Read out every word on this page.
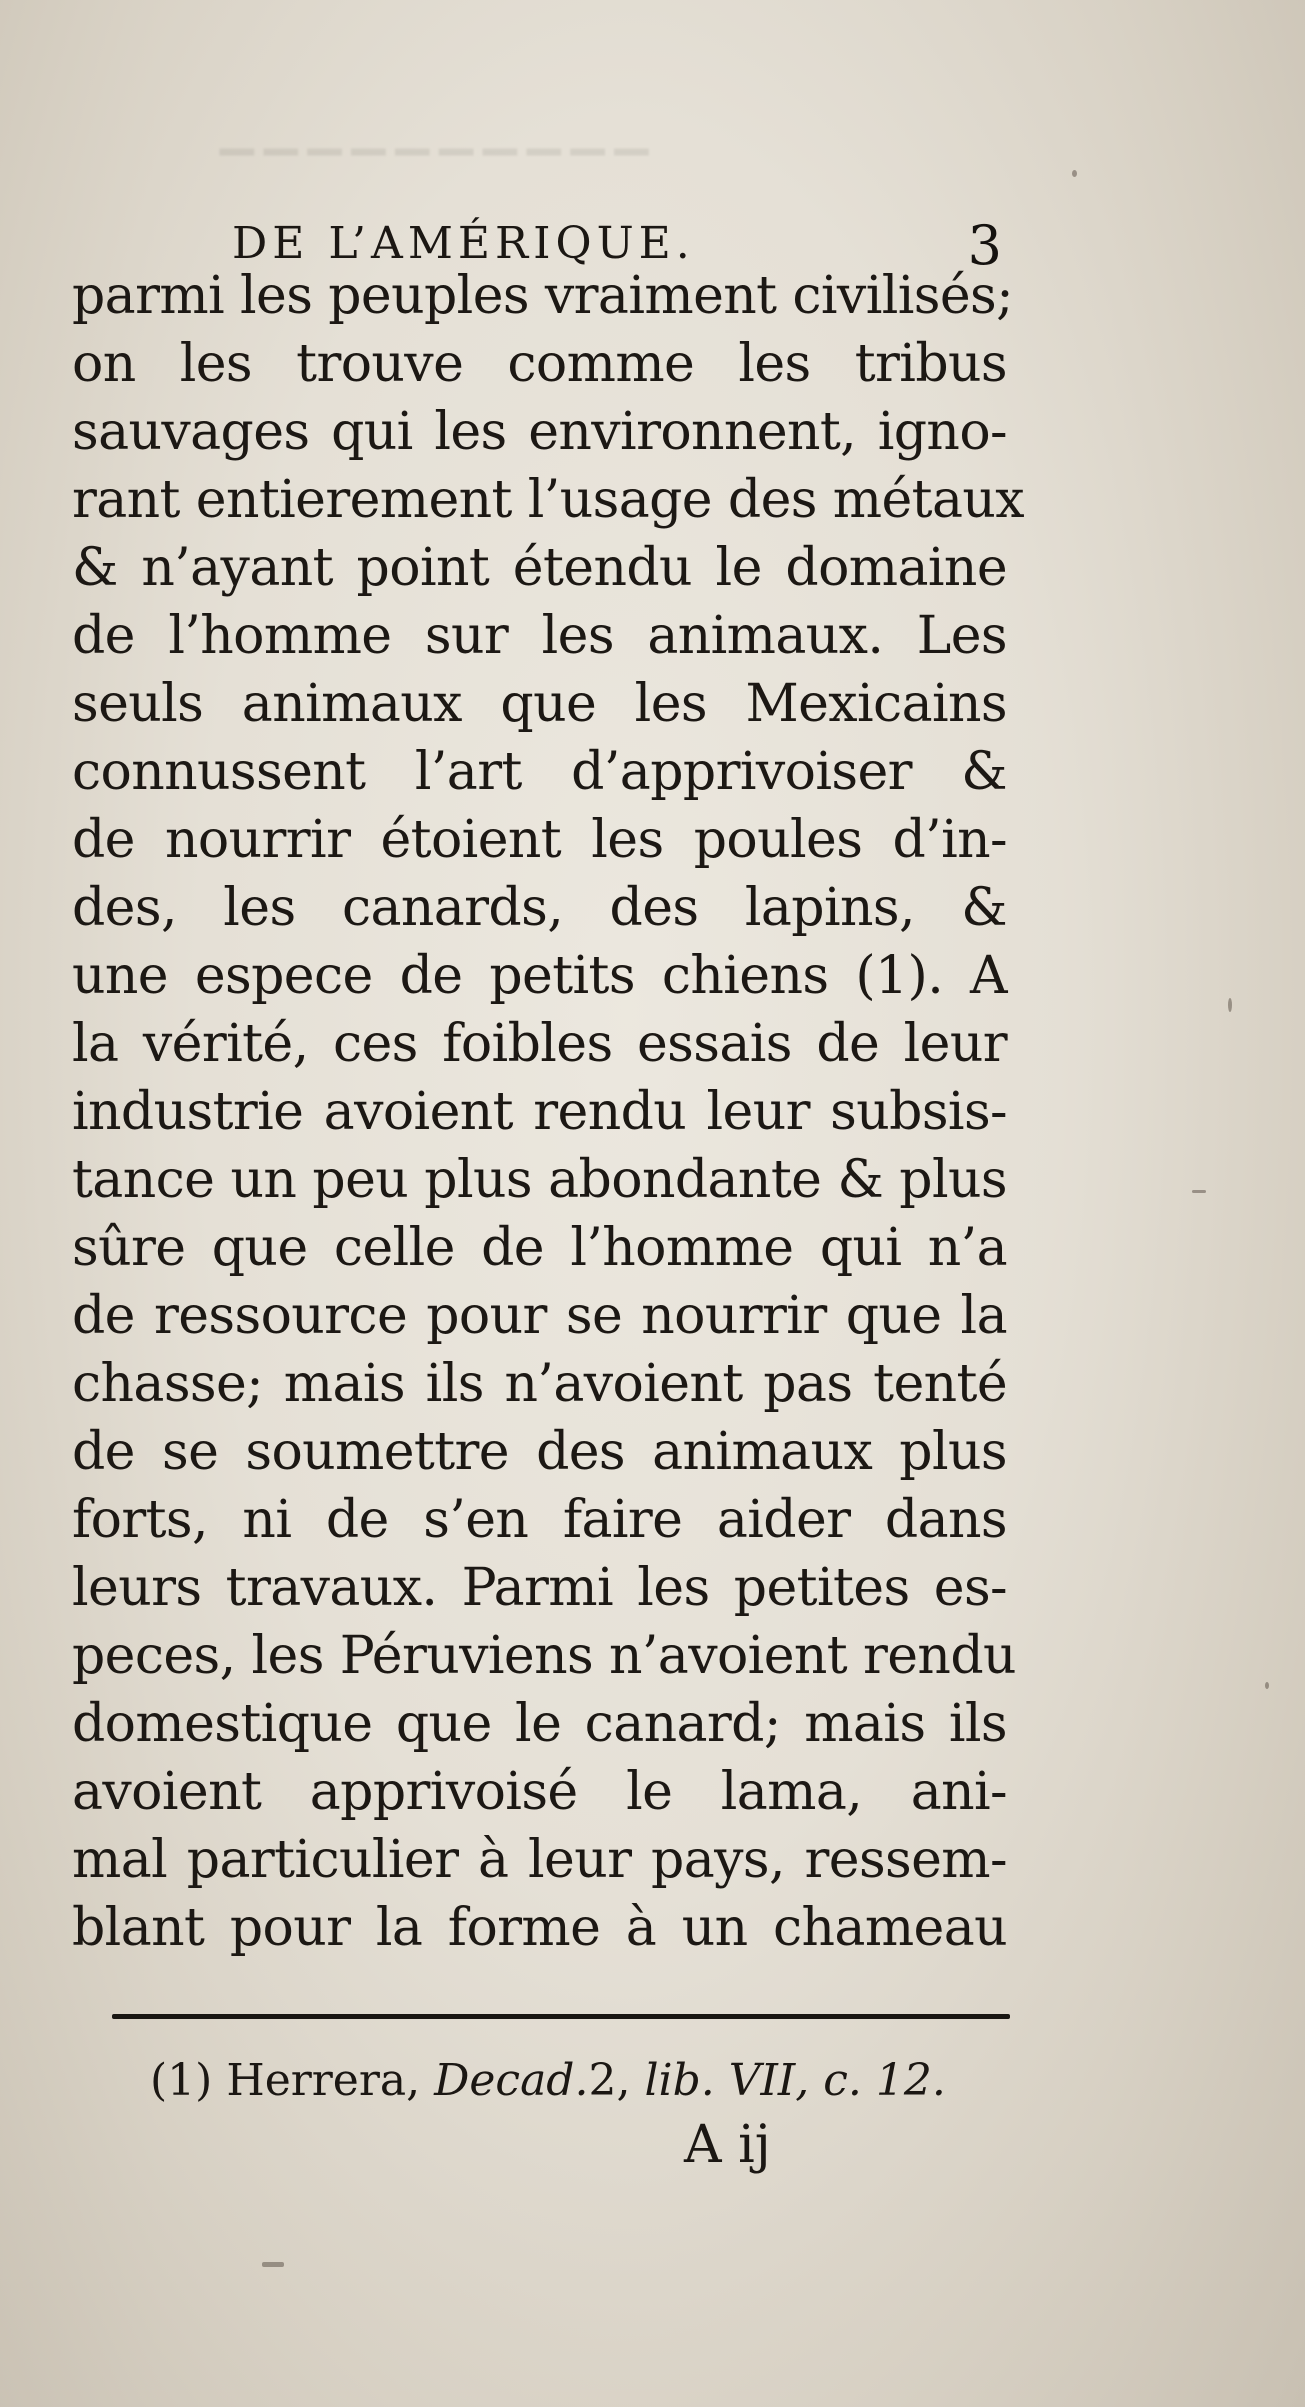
▔▔▔▔▔▔▔▔▔▔
DE L’AMÉRIQUE.	3
parmi les peuples vraiment civilisés;
on les trouve comme les tribus
sauvages qui les environnent, igno-
rant entierement l’usage des métaux
& n’ayant point étendu le domaine
de l’homme sur les animaux. Les
seuls animaux que les Mexicains
connussent l’art d’apprivoiser &
de nourrir étoient les poules d’in-
des, les canards, des lapins, &
une espece de petits chiens (1). A
la vérité, ces foibles essais de leur
industrie avoient rendu leur subsis-
tance un peu plus abondante & plus
sûre que celle de l’homme qui n’a
de ressource pour se nourrir que la
chasse; mais ils n’avoient pas tenté
de se soumettre des animaux plus
forts, ni de s’en faire aider dans
leurs travaux. Parmi les petites es-
peces, les Péruviens n’avoient rendu
domestique que le canard; mais ils
avoient apprivoisé le lama, ani-
mal particulier à leur pays, ressem-
blant pour la forme à un chameau
(1) Herrera, Decad.2, lib. VII, c. 12.
A ij
